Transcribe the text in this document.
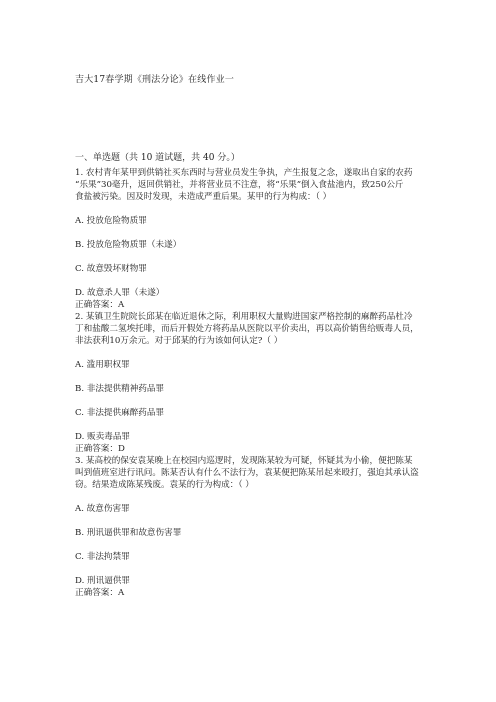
吉大17春学期《刑法分论》在线作业一
一、单选题（共 10 道试题，共 40 分。）
1. 农村青年某甲到供销社买东西时与营业员发生争执，产生报复之念，遂取出自家的农药
“乐果”30毫升，返回供销社，并将营业员不注意，将“乐果”倒入食盐池内，致250公斤
食盐被污染。因及时发现，未造成严重后果。某甲的行为构成：（ ）
A. 投放危险物质罪
B. 投放危险物质罪（未遂）
C. 故意毁坏财物罪
D. 故意杀人罪（未遂）
正确答案：A
2. 某镇卫生院院长邱某在临近退休之际，利用职权大量购进国家严格控制的麻醉药品杜冷
丁和盐酸二氢埃托啡，而后开假处方将药品从医院以平价卖出，再以高价销售给贩毒人员，
非法获利10万余元。对于邱某的行为该如何认定?（ ）
A. 滥用职权罪
B. 非法提供精神药品罪
C. 非法提供麻醉药品罪
D. 贩卖毒品罪
正确答案：D
3. 某高校的保安袁某晚上在校园内巡逻时，发现陈某较为可疑，怀疑其为小偷，便把陈某
叫到值班室进行讯问。陈某否认有什么不法行为，袁某便把陈某吊起来殴打，强迫其承认盗
窃。结果造成陈某残废。袁某的行为构成：（ ）
A. 故意伤害罪
B. 刑讯逼供罪和故意伤害罪
C. 非法拘禁罪
D. 刑讯逼供罪
正确答案：A
